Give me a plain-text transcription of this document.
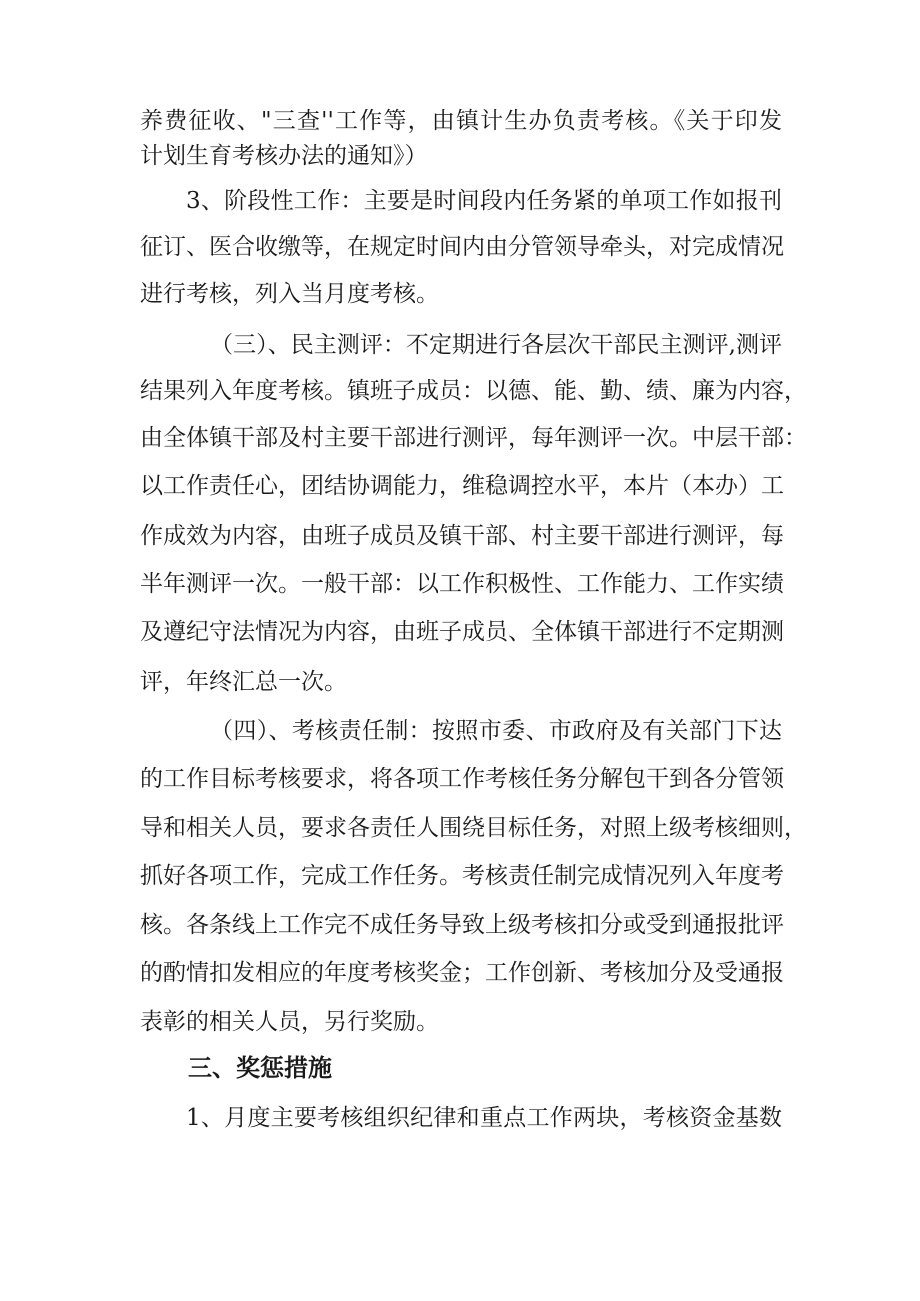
养费征收、"三查''工作等，由镇计生办负责考核。《关于印发
计划生育考核办法的通知》）
3、阶段性工作：主要是时间段内任务紧的单项工作如报刊
征订、医合收缴等，在规定时间内由分管领导牵头，对完成情况
进行考核，列入当月度考核。
（三）、民主测评：不定期进行各层次干部民主测评,测评
结果列入年度考核。镇班子成员：以德、能、勤、绩、廉为内容，
由全体镇干部及村主要干部进行测评，每年测评一次。中层干部：
以工作责任心，团结协调能力，维稳调控水平，本片（本办）工
作成效为内容，由班子成员及镇干部、村主要干部进行测评，每
半年测评一次。一般干部：以工作积极性、工作能力、工作实绩
及遵纪守法情况为内容，由班子成员、全体镇干部进行不定期测
评，年终汇总一次。
（四）、考核责任制：按照市委、市政府及有关部门下达
的工作目标考核要求，将各项工作考核任务分解包干到各分管领
导和相关人员，要求各责任人围绕目标任务，对照上级考核细则，
抓好各项工作，完成工作任务。考核责任制完成情况列入年度考
核。各条线上工作完不成任务导致上级考核扣分或受到通报批评
的酌情扣发相应的年度考核奖金；工作创新、考核加分及受通报
表彰的相关人员，另行奖励。
三、奖惩措施
1、月度主要考核组织纪律和重点工作两块，考核资金基数
